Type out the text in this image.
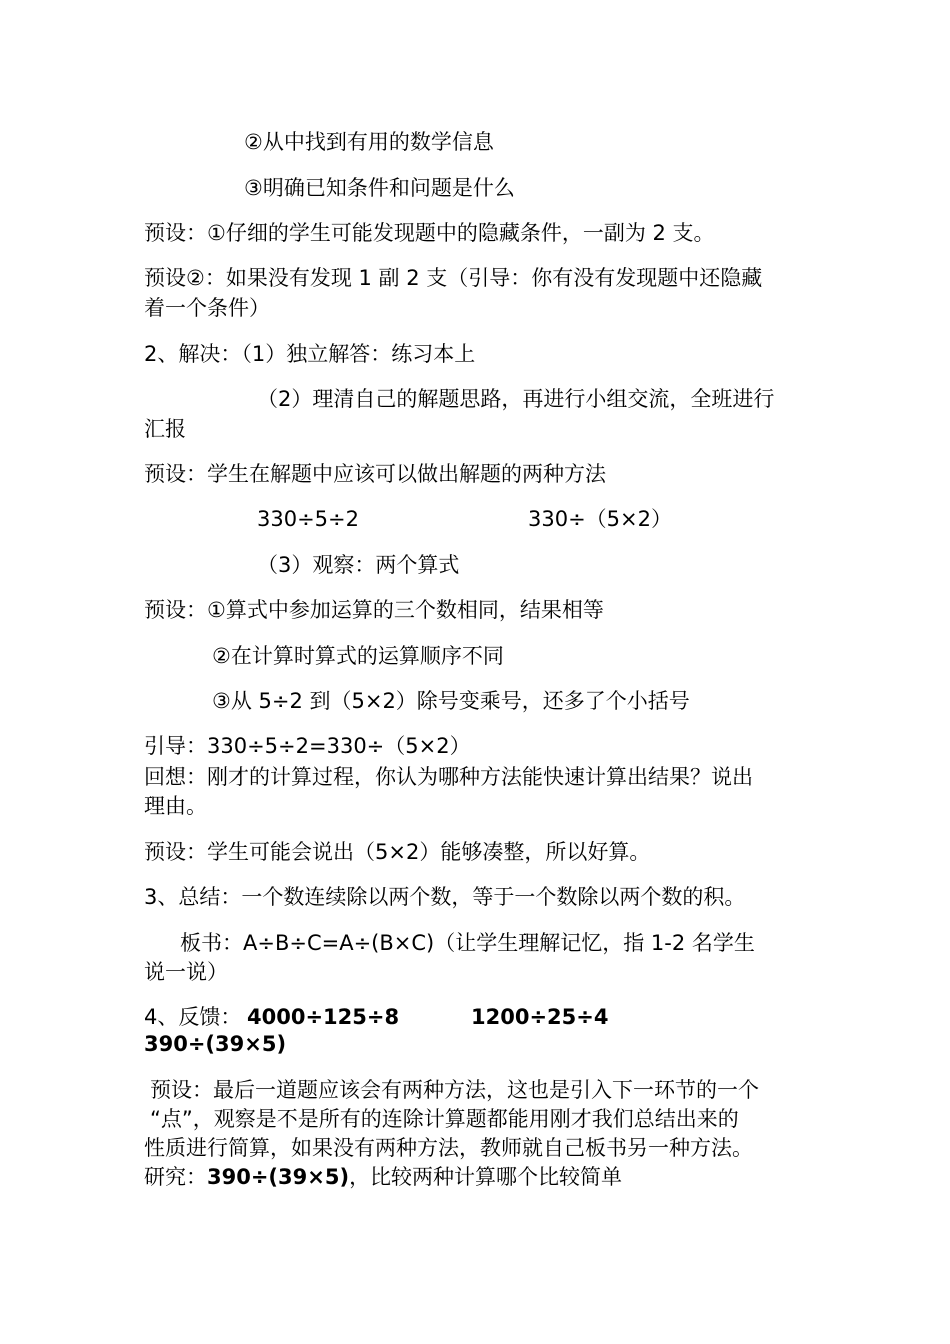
②从中找到有用的数学信息
③明确已知条件和问题是什么
预设：①仔细的学生可能发现题中的隐藏条件，一副为 2 支。
预设②：如果没有发现 1 副 2 支（引导：你有没有发现题中还隐藏
着一个条件）
2、解决：（1）独立解答：练习本上
（2）理清自己的解题思路，再进行小组交流，全班进行
汇报
预设：学生在解题中应该可以做出解题的两种方法
330÷5÷2	330÷（5×2）
（3）观察：两个算式
预设：①算式中参加运算的三个数相同，结果相等
②在计算时算式的运算顺序不同
③从 5÷2 到（5×2）除号变乘号，还多了个小括号
引导：330÷5÷2=330÷（5×2）
回想：刚才的计算过程，你认为哪种方法能快速计算出结果？说出
理由。
预设：学生可能会说出（5×2）能够凑整，所以好算。
3、总结：一个数连续除以两个数，等于一个数除以两个数的积。
板书：A÷B÷C=A÷(B×C)（让学生理解记忆，指 1-2 名学生
说一说）
4、反馈： 4000÷125÷8	1200÷25÷4
390÷(39×5)
预设：最后一道题应该会有两种方法，这也是引入下一环节的一个
“点”，观察是不是所有的连除计算题都能用刚才我们总结出来的
性质进行简算，如果没有两种方法，教师就自己板书另一种方法。
研究：390÷(39×5)，比较两种计算哪个比较简单
